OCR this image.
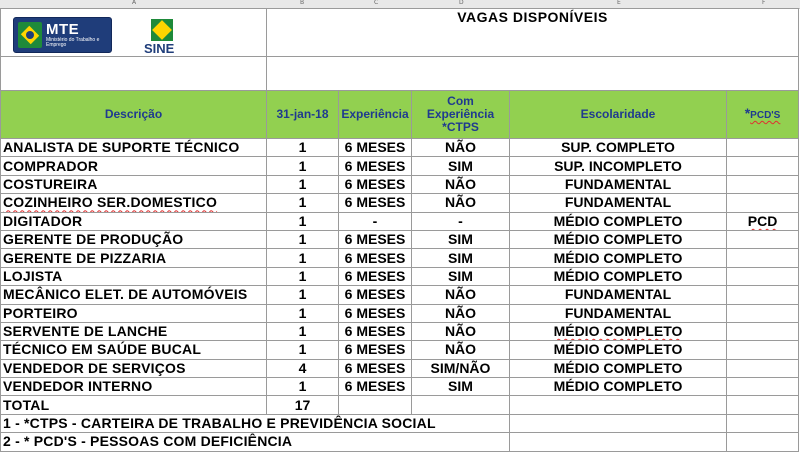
A	B	C	D	E	F
MTE
Ministério do Trabalho e Emprego SINE	VAGAS DISPONÍVEIS				

Descrição	31-jan-18	Experiência	Com Experiência *CTPS	Escolaridade	*PCD'S
ANALISTA DE SUPORTE TÉCNICO	1	6 MESES	NÃO	SUP. COMPLETO	
COMPRADOR	1	6 MESES	SIM	SUP. INCOMPLETO	
COSTUREIRA	1	6 MESES	NÃO	FUNDAMENTAL	
COZINHEIRO SER.DOMESTICO	1	6 MESES	NÃO	FUNDAMENTAL	
DIGITADOR	1	-	-	MÉDIO COMPLETO	PCD
GERENTE DE PRODUÇÃO	1	6 MESES	SIM	MÉDIO COMPLETO	
GERENTE DE PIZZARIA	1	6 MESES	SIM	MÉDIO COMPLETO	
LOJISTA	1	6 MESES	SIM	MÉDIO COMPLETO	
MECÂNICO ELET. DE AUTOMÓVEIS	1	6 MESES	NÃO	FUNDAMENTAL	
PORTEIRO	1	6 MESES	NÃO	FUNDAMENTAL	
SERVENTE DE LANCHE	1	6 MESES	NÃO	MÉDIO COMPLETO	
TÉCNICO EM SAÚDE BUCAL	1	6 MESES	NÃO	MÉDIO COMPLETO	
VENDEDOR DE SERVIÇOS	4	6 MESES	SIM/NÃO	MÉDIO COMPLETO	
VENDEDOR INTERNO	1	6 MESES	SIM	MÉDIO COMPLETO	
TOTAL	17				
1 - *CTPS - CARTEIRA DE TRABALHO E PREVIDÊNCIA SOCIAL					
2 - * PCD'S - PESSOAS COM DEFICIÊNCIA					
